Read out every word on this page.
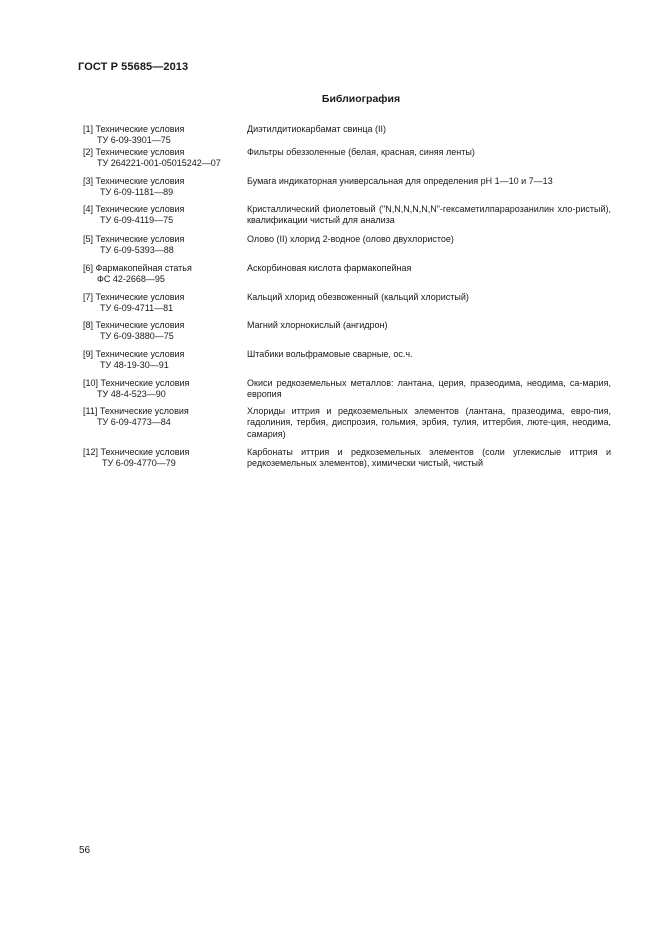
ГОСТ Р 55685—2013
Библиография
[1] Технические условия
ТУ 6-09-3901—75
Диэтилдитиокарбамат свинца (II)
[2] Технические условия
ТУ 264221-001-05015242—07
Фильтры обеззоленные (белая, красная, синяя ленты)
[3] Технические условия
ТУ 6-09-1181—89
Бумага индикаторная универсальная для определения pH 1—10 и 7—13
[4] Технические условия
ТУ 6-09-4119—75
Кристаллический фиолетовый ("N,N,N,N,N,N"-гексаметилпарарозанилин хло-ристый), квалификации чистый для анализа
[5] Технические условия
ТУ 6-09-5393—88
Олово (II) хлорид 2-водное (олово двухлористое)
[6] Фармакопейная статья
ФС 42-2668—95
Аскорбиновая кислота фармакопейная
[7] Технические условия
ТУ 6-09-4711—81
Кальций хлорид обезвоженный (кальций хлористый)
[8] Технические условия
ТУ 6-09-3880—75
Магний хлорнокислый (ангидрон)
[9] Технические условия
ТУ 48-19-30—91
Штабики вольфрамовые сварные, ос.ч.
[10] Технические условия
ТУ 48-4-523—90
Окиси редкоземельных металлов: лантана, церия, празеодима, неодима, са-мария, европия
[11] Технические условия
ТУ 6-09-4773—84
Хлориды иттрия и редкоземельных элементов (лантана, празеодима, евро-пия, гадолиния, тербия, диспрозия, гольмия, эрбия, тулия, иттербия, люте-ция, неодима, самария)
[12] Технические условия
ТУ 6-09-4770—79
Карбонаты иттрия и редкоземельных элементов (соли углекислые иттрия и редкоземельных элементов), химически чистый, чистый
56
